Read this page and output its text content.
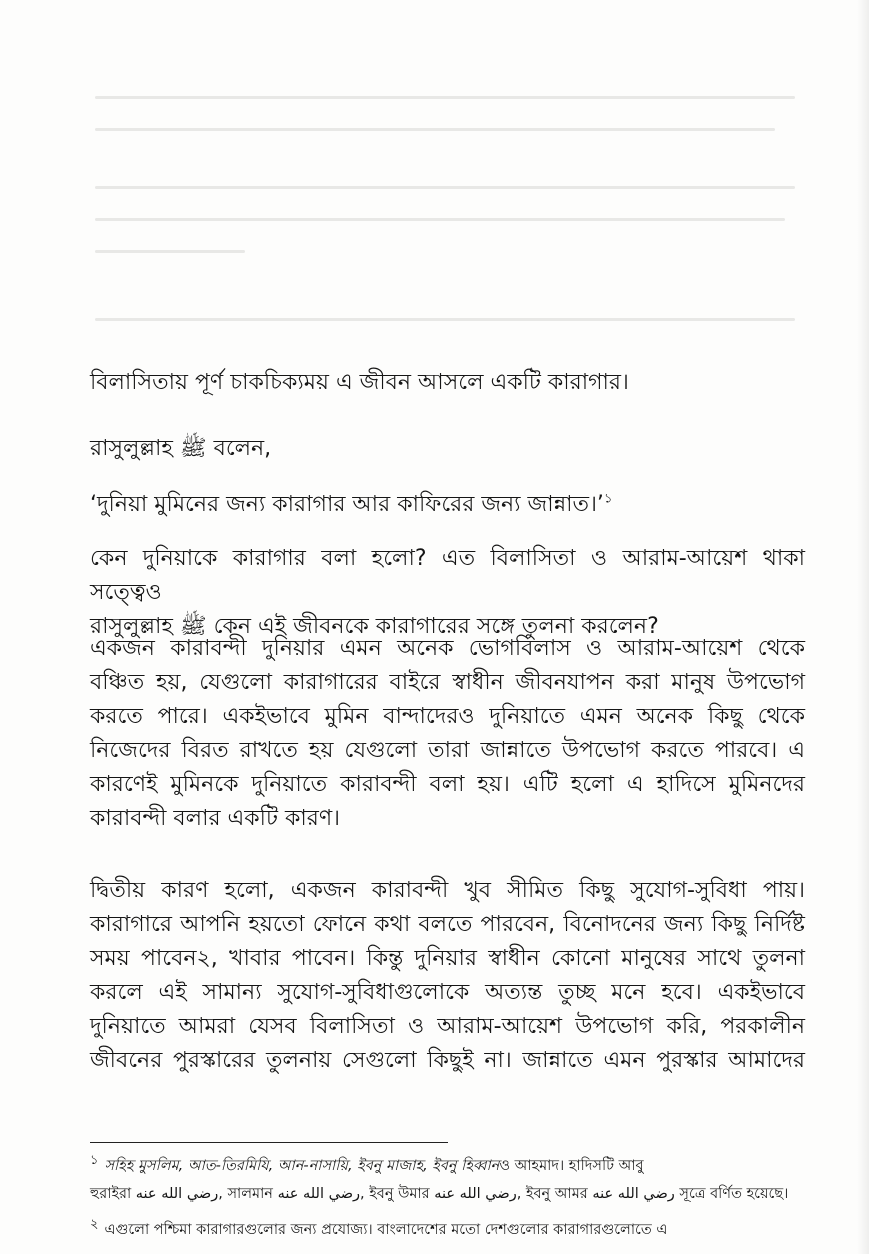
বিলাসিতায় পূর্ণ চাকচিক্যময় এ জীবন আসলে একটি কারাগার।

রাসুলুল্লাহ ﷺ বলেন,

‘দুনিয়া মুমিনের জন্য কারাগার আর কাফিরের জন্য জান্নাত।’$^১$

কেন দুনিয়াকে কারাগার বলা হলো? এত বিলাসিতা ও আরাম-আয়েশ থাকা সত্ত্বেও
রাসুলুল্লাহ ﷺ কেন এই জীবনকে কারাগারের সঙ্গে তুলনা করলেন?

একজন কারাবন্দী দুনিয়ার এমন অনেক ভোগবিলাস ও আরাম-আয়েশ থেকে
বঞ্চিত হয়, যেগুলো কারাগারের বাইরে স্বাধীন জীবনযাপন করা মানুষ উপভোগ
করতে পারে। একইভাবে মুমিন বান্দাদেরও দুনিয়াতে এমন অনেক কিছু থেকে
নিজেদের বিরত রাখতে হয় যেগুলো তারা জান্নাতে উপভোগ করতে পারবে। এ
কারণেই মুমিনকে দুনিয়াতে কারাবন্দী বলা হয়। এটি হলো এ হাদিসে মুমিনদের
কারাবন্দী বলার একটি কারণ।

দ্বিতীয় কারণ হলো, একজন কারাবন্দী খুব সীমিত কিছু সুযোগ-সুবিধা পায়।
কারাগারে আপনি হয়তো ফোনে কথা বলতে পারবেন, বিনোদনের জন্য কিছু নির্দিষ্ট
সময় পাবেন২, খাবার পাবেন। কিন্তু দুনিয়ার স্বাধীন কোনো মানুষের সাথে তুলনা
করলে এই সামান্য সুযোগ-সুবিধাগুলোকে অত্যন্ত তুচ্ছ মনে হবে। একইভাবে
দুনিয়াতে আমরা যেসব বিলাসিতা ও আরাম-আয়েশ উপভোগ করি, পরকালীন
জীবনের পুরস্কারের তুলনায় সেগুলো কিছুই না। জান্নাতে এমন পুরস্কার আমাদের

১ সহিহ মুসলিম, আত-তিরমিযি, আন-নাসায়ি, ইবনু মাজাহ, ইবনু হিব্বানও আহমাদ। হাদিসটি আবু
হুরাইরা رضي الله عنه, সালমান رضي الله عنه, ইবনু উমার رضي الله عنه, ইবনু আমর رضي الله عنه সূত্রে বর্ণিত হয়েছে।
২ এগুলো পশ্চিমা কারাগারগুলোর জন্য প্রযোজ্য। বাংলাদেশের মতো দেশগুলোর কারাগারগুলোতে এ
